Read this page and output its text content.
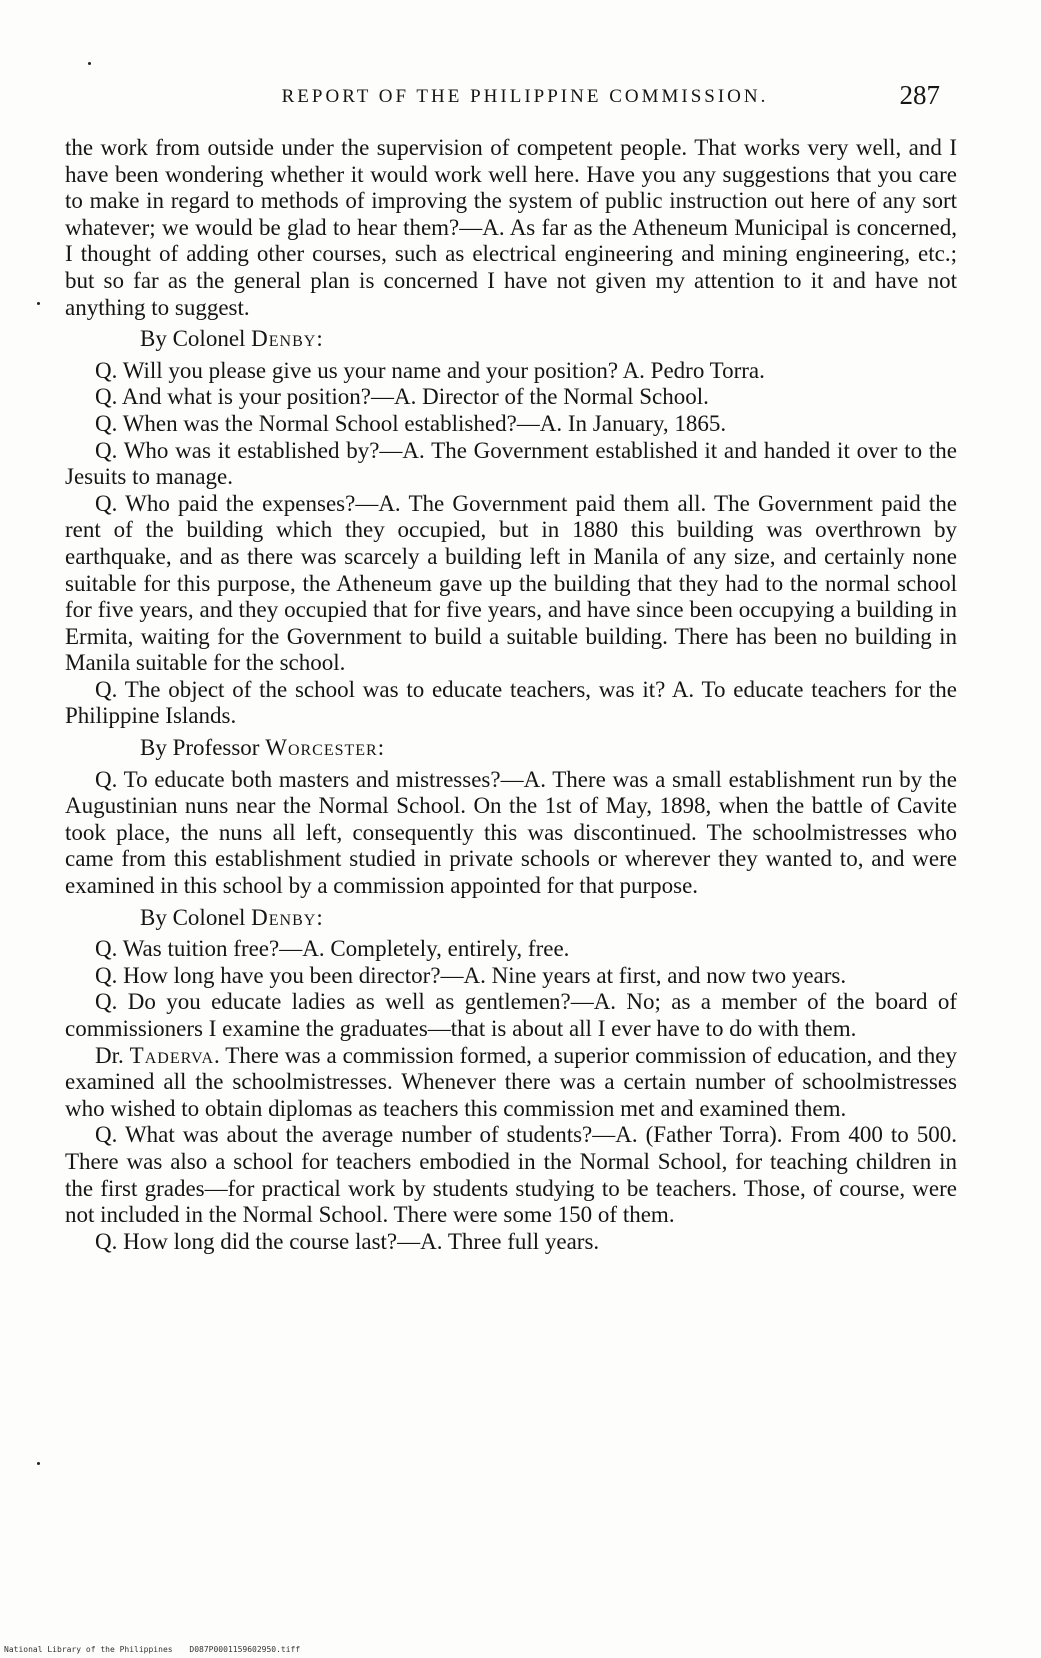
REPORT OF THE PHILIPPINE COMMISSION.	287

the work from outside under the supervision of competent people. That works very well, and I have been wondering whether it would work well here. Have you any suggestions that you care to make in regard to methods of improving the system of public instruction out here of any sort whatever; we would be glad to hear them?—A. As far as the Atheneum Municipal is concerned, I thought of adding other courses, such as electrical engineering and mining engineering, etc.; but so far as the general plan is concerned I have not given my attention to it and have not anything to suggest.

By Colonel Denby:

Q. Will you please give us your name and your position? A. Pedro Torra.

Q. And what is your position?—A. Director of the Normal School.

Q. When was the Normal School established?—A. In January, 1865.

Q. Who was it established by?—A. The Government established it and handed it over to the Jesuits to manage.

Q. Who paid the expenses?—A. The Government paid them all. The Government paid the rent of the building which they occupied, but in 1880 this building was overthrown by earthquake, and as there was scarcely a building left in Manila of any size, and certainly none suitable for this purpose, the Atheneum gave up the building that they had to the normal school for five years, and they occupied that for five years, and have since been occupying a building in Ermita, waiting for the Government to build a suitable building. There has been no building in Manila suitable for the school.

Q. The object of the school was to educate teachers, was it? A. To educate teachers for the Philippine Islands.

By Professor Worcester:

Q. To educate both masters and mistresses?—A. There was a small establishment run by the Augustinian nuns near the Normal School. On the 1st of May, 1898, when the battle of Cavite took place, the nuns all left, consequently this was discontinued. The schoolmistresses who came from this establishment studied in private schools or wherever they wanted to, and were examined in this school by a commission appointed for that purpose.

By Colonel Denby:

Q. Was tuition free?—A. Completely, entirely, free.

Q. How long have you been director?—A. Nine years at first, and now two years.

Q. Do you educate ladies as well as gentlemen?—A. No; as a member of the board of commissioners I examine the graduates—that is about all I ever have to do with them.

Dr. Taderva. There was a commission formed, a superior commission of education, and they examined all the schoolmistresses. Whenever there was a certain number of schoolmistresses who wished to obtain diplomas as teachers this commission met and examined them.

Q. What was about the average number of students?—A. (Father Torra). From 400 to 500. There was also a school for teachers embodied in the Normal School, for teaching children in the first grades—for practical work by students studying to be teachers. Those, of course, were not included in the Normal School. There were some 150 of them.

Q. How long did the course last?—A. Three full years.

National Library of the Philippines D087P0001159602950.tiff
